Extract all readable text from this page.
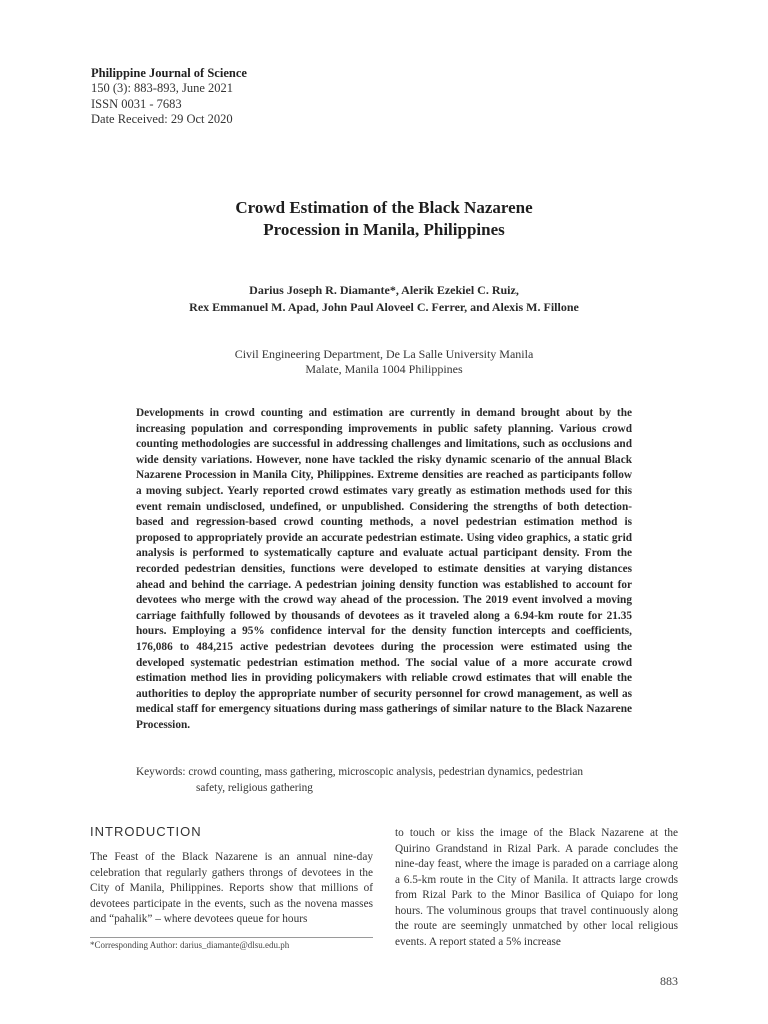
Philippine Journal of Science
150 (3): 883-893, June 2021
ISSN 0031 - 7683
Date Received: 29 Oct 2020
Crowd Estimation of the Black Nazarene
Procession in Manila, Philippines
Darius Joseph R. Diamante*, Alerik Ezekiel C. Ruiz,
Rex Emmanuel M. Apad, John Paul Aloveel C. Ferrer, and Alexis M. Fillone
Civil Engineering Department, De La Salle University Manila
Malate, Manila 1004 Philippines
Developments in crowd counting and estimation are currently in demand brought about by the increasing population and corresponding improvements in public safety planning. Various crowd counting methodologies are successful in addressing challenges and limitations, such as occlusions and wide density variations. However, none have tackled the risky dynamic scenario of the annual Black Nazarene Procession in Manila City, Philippines. Extreme densities are reached as participants follow a moving subject. Yearly reported crowd estimates vary greatly as estimation methods used for this event remain undisclosed, undefined, or unpublished. Considering the strengths of both detection-based and regression-based crowd counting methods, a novel pedestrian estimation method is proposed to appropriately provide an accurate pedestrian estimate. Using video graphics, a static grid analysis is performed to systematically capture and evaluate actual participant density. From the recorded pedestrian densities, functions were developed to estimate densities at varying distances ahead and behind the carriage. A pedestrian joining density function was established to account for devotees who merge with the crowd way ahead of the procession. The 2019 event involved a moving carriage faithfully followed by thousands of devotees as it traveled along a 6.94-km route for 21.35 hours. Employing a 95% confidence interval for the density function intercepts and coefficients, 176,086 to 484,215 active pedestrian devotees during the procession were estimated using the developed systematic pedestrian estimation method. The social value of a more accurate crowd estimation method lies in providing policymakers with reliable crowd estimates that will enable the authorities to deploy the appropriate number of security personnel for crowd management, as well as medical staff for emergency situations during mass gatherings of similar nature to the Black Nazarene Procession.
Keywords: crowd counting, mass gathering, microscopic analysis, pedestrian dynamics, pedestrian
safety, religious gathering
INTRODUCTION
The Feast of the Black Nazarene is an annual nine-day celebration that regularly gathers throngs of devotees in the City of Manila, Philippines. Reports show that millions of devotees participate in the events, such as the novena masses and “pahalik” – where devotees queue for hours
to touch or kiss the image of the Black Nazarene at the Quirino Grandstand in Rizal Park. A parade concludes the nine-day feast, where the image is paraded on a carriage along a 6.5-km route in the City of Manila. It attracts large crowds from Rizal Park to the Minor Basilica of Quiapo for long hours. The voluminous groups that travel continuously along the route are seemingly unmatched by other local religious events. A report stated a 5% increase
*Corresponding Author: darius_diamante@dlsu.edu.ph
883
